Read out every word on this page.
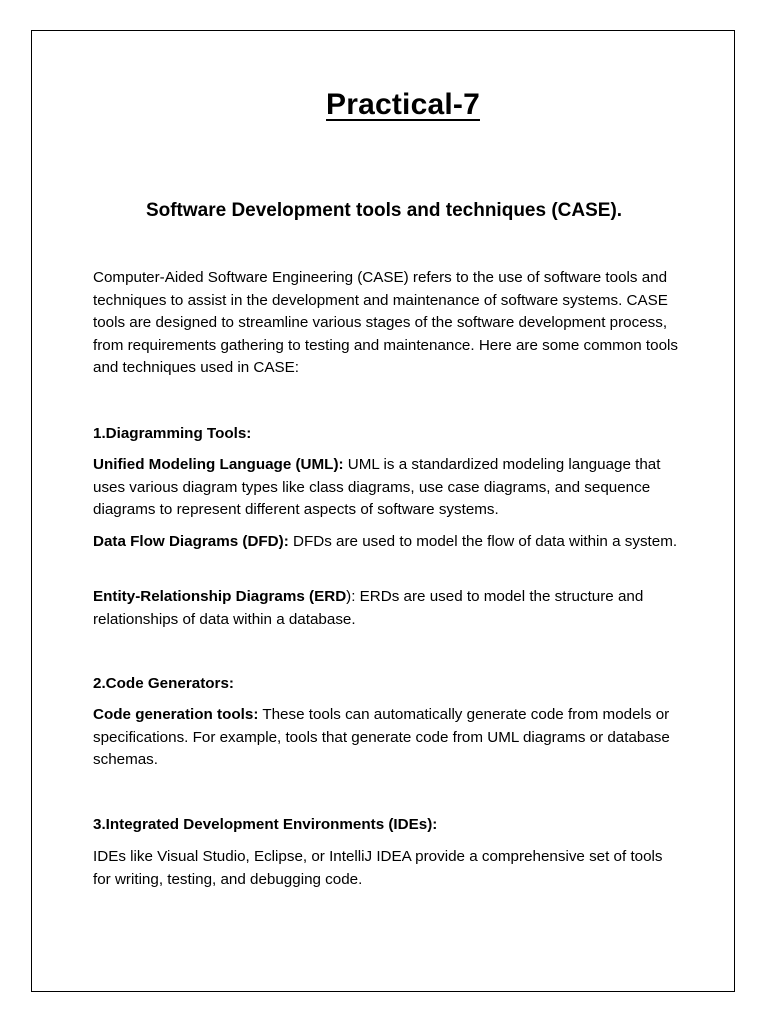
Practical-7
Software Development tools and techniques (CASE).

Computer-Aided Software Engineering (CASE) refers to the use of software tools and techniques to assist in the development and maintenance of software systems. CASE tools are designed to streamline various stages of the software development process, from requirements gathering to testing and maintenance. Here are some common tools and techniques used in CASE:

1.Diagramming Tools:

Unified Modeling Language (UML): UML is a standardized modeling language that uses various diagram types like class diagrams, use case diagrams, and sequence diagrams to represent different aspects of software systems.

Data Flow Diagrams (DFD): DFDs are used to model the flow of data within a system.

Entity-Relationship Diagrams (ERD): ERDs are used to model the structure and relationships of data within a database.

2.Code Generators:

Code generation tools: These tools can automatically generate code from models or specifications. For example, tools that generate code from UML diagrams or database schemas.

3.Integrated Development Environments (IDEs):

IDEs like Visual Studio, Eclipse, or IntelliJ IDEA provide a comprehensive set of tools for writing, testing, and debugging code.
